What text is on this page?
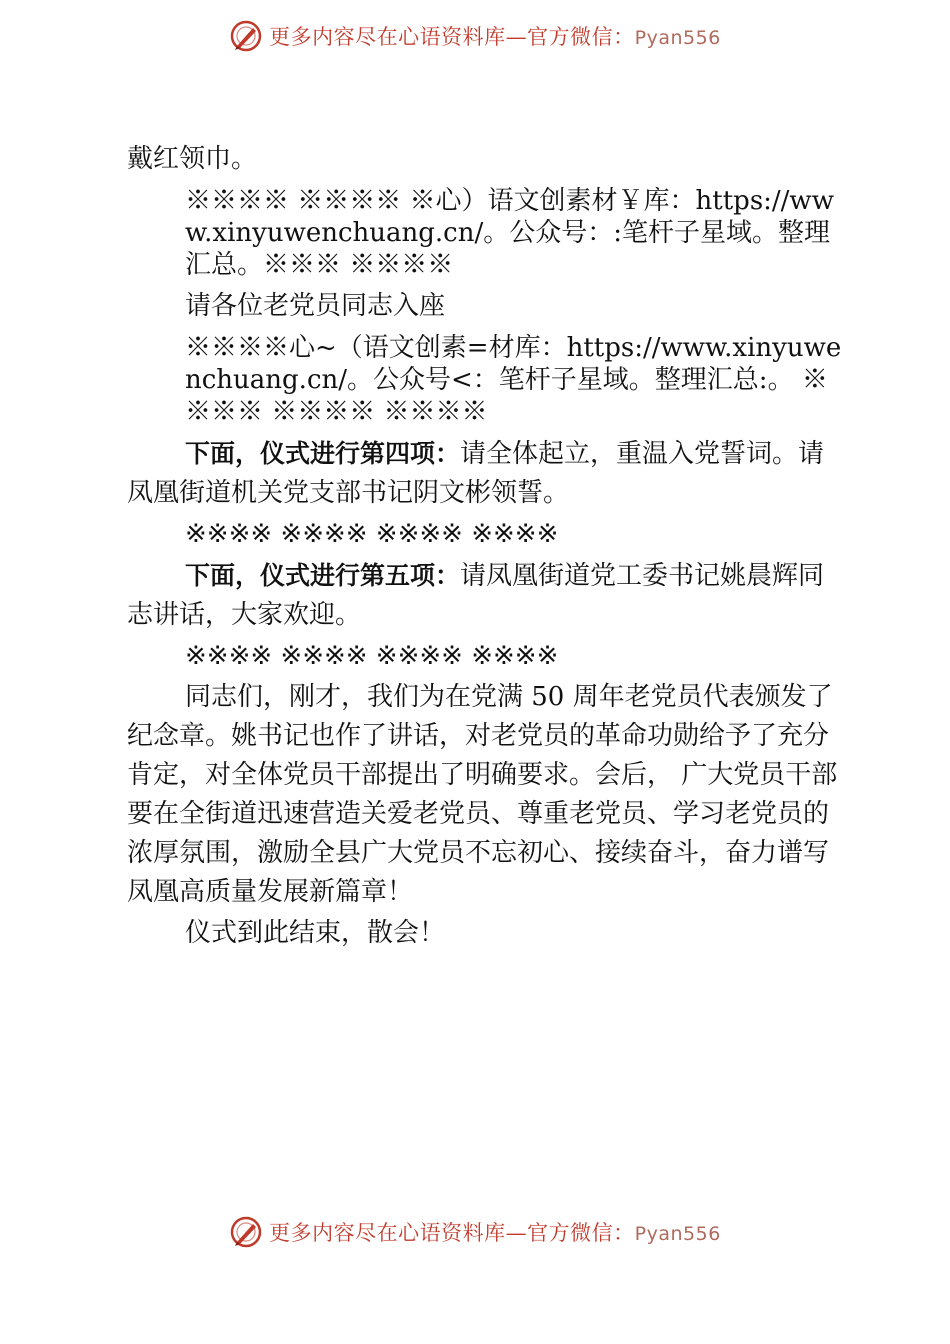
更多内容尽在心语资料库—官方微信：Pyan556

戴红领巾。

※※※※ ※※※※ ※心）语文创素材￥库：https://www.xinyuwenchuang.cn/。公众号：:笔杆子星域。整理汇总。※※※ ※※※※

请各位老党员同志入座

※※※※心~（语文创素=材库：https://www.xinyuwenchuang.cn/。公众号<：笔杆子星域。整理汇总:。 ※※※※ ※※※※ ※※※※

下面，仪式进行第四项：请全体起立，重温入党誓词。请凤凰街道机关党支部书记阴文彬领誓。

※※※※ ※※※※ ※※※※ ※※※※

下面，仪式进行第五项：请凤凰街道党工委书记姚晨辉同志讲话，大家欢迎。

※※※※ ※※※※ ※※※※ ※※※※

同志们，刚才，我们为在党满 50 周年老党员代表颁发了纪念章。姚书记也作了讲话，对老党员的革命功勋给予了充分肯定，对全体党员干部提出了明确要求。会后， 广大党员干部要在全街道迅速营造关爱老党员、尊重老党员、学习老党员的浓厚氛围，激励全县广大党员不忘初心、接续奋斗，奋力谱写凤凰高质量发展新篇章！

仪式到此结束，散会！

更多内容尽在心语资料库—官方微信：Pyan556
